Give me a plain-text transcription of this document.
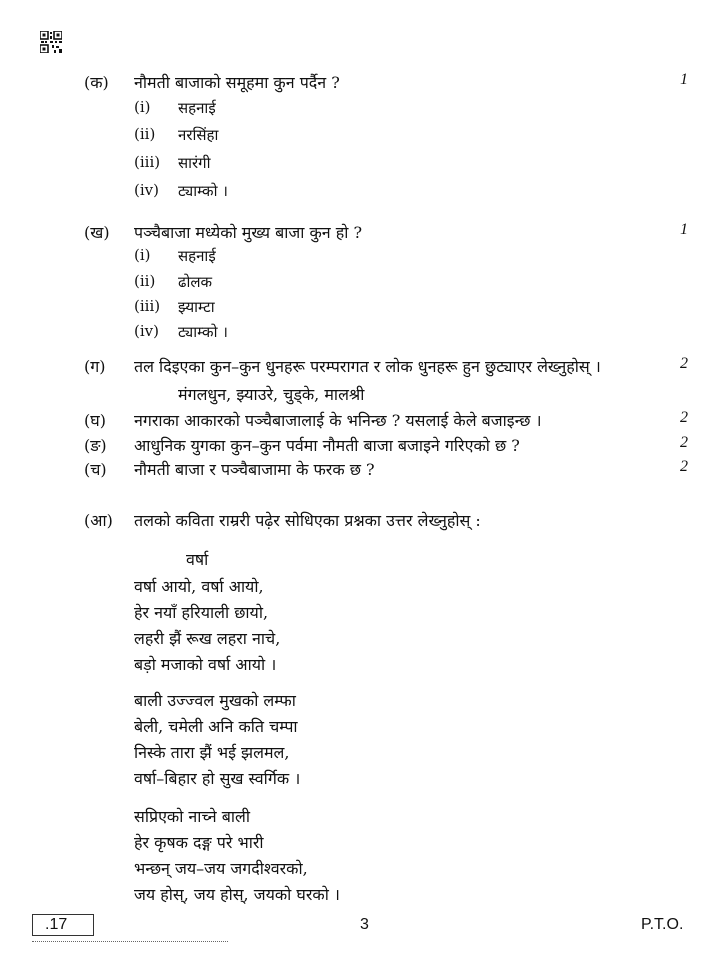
(क) नौमती बाजाको समूहमा कुन पर्दैन ?	1
(i) सहनाई
(ii) नरसिंहा
(iii) सारंगी
(iv) ट्याम्को ।
(ख) पञ्चैबाजा मध्येको मुख्य बाजा कुन हो ?	1
(i) सहनाई
(ii) ढोलक
(iii) झ्याम्टा
(iv) ट्याम्को ।
(ग) तल दिइएका कुन–कुन धुनहरू परम्परागत र लोक धुनहरू हुन छुट्याएर लेख्नुहोस् ।	2
मंगलधुन, झ्याउरे, चुड्के, मालश्री
(घ) नगराका आकारको पञ्चैबाजालाई के भनिन्छ ? यसलाई केले बजाइन्छ ।	2
(ङ) आधुनिक युगका कुन–कुन पर्वमा नौमती बाजा बजाइने गरिएको छ ?	2
(च) नौमती बाजा र पञ्चैबाजामा के फरक छ ?	2
(आ) तलको कविता राम्ररी पढ़ेर सोधिएका प्रश्नका उत्तर लेख्नुहोस् :
वर्षा
वर्षा आयो, वर्षा आयो,
हेर नयाँ हरियाली छायो,
लहरी झैं रूख लहरा नाचे,
बड़ो मजाको वर्षा आयो ।
बाली उज्ज्वल मुखको लम्फा
बेली, चमेली अनि कति चम्पा
निस्के तारा झैं भई झलमल,
वर्षा–बिहार हो सुख स्वर्गिक ।
सप्रिएको नाच्ने बाली
हेर कृषक दङ्ग परे भारी
भन्छन् जय–जय जगदीश्वरको,
जय होस्, जय होस्, जयको घरको ।
.17	3	P.T.O.
